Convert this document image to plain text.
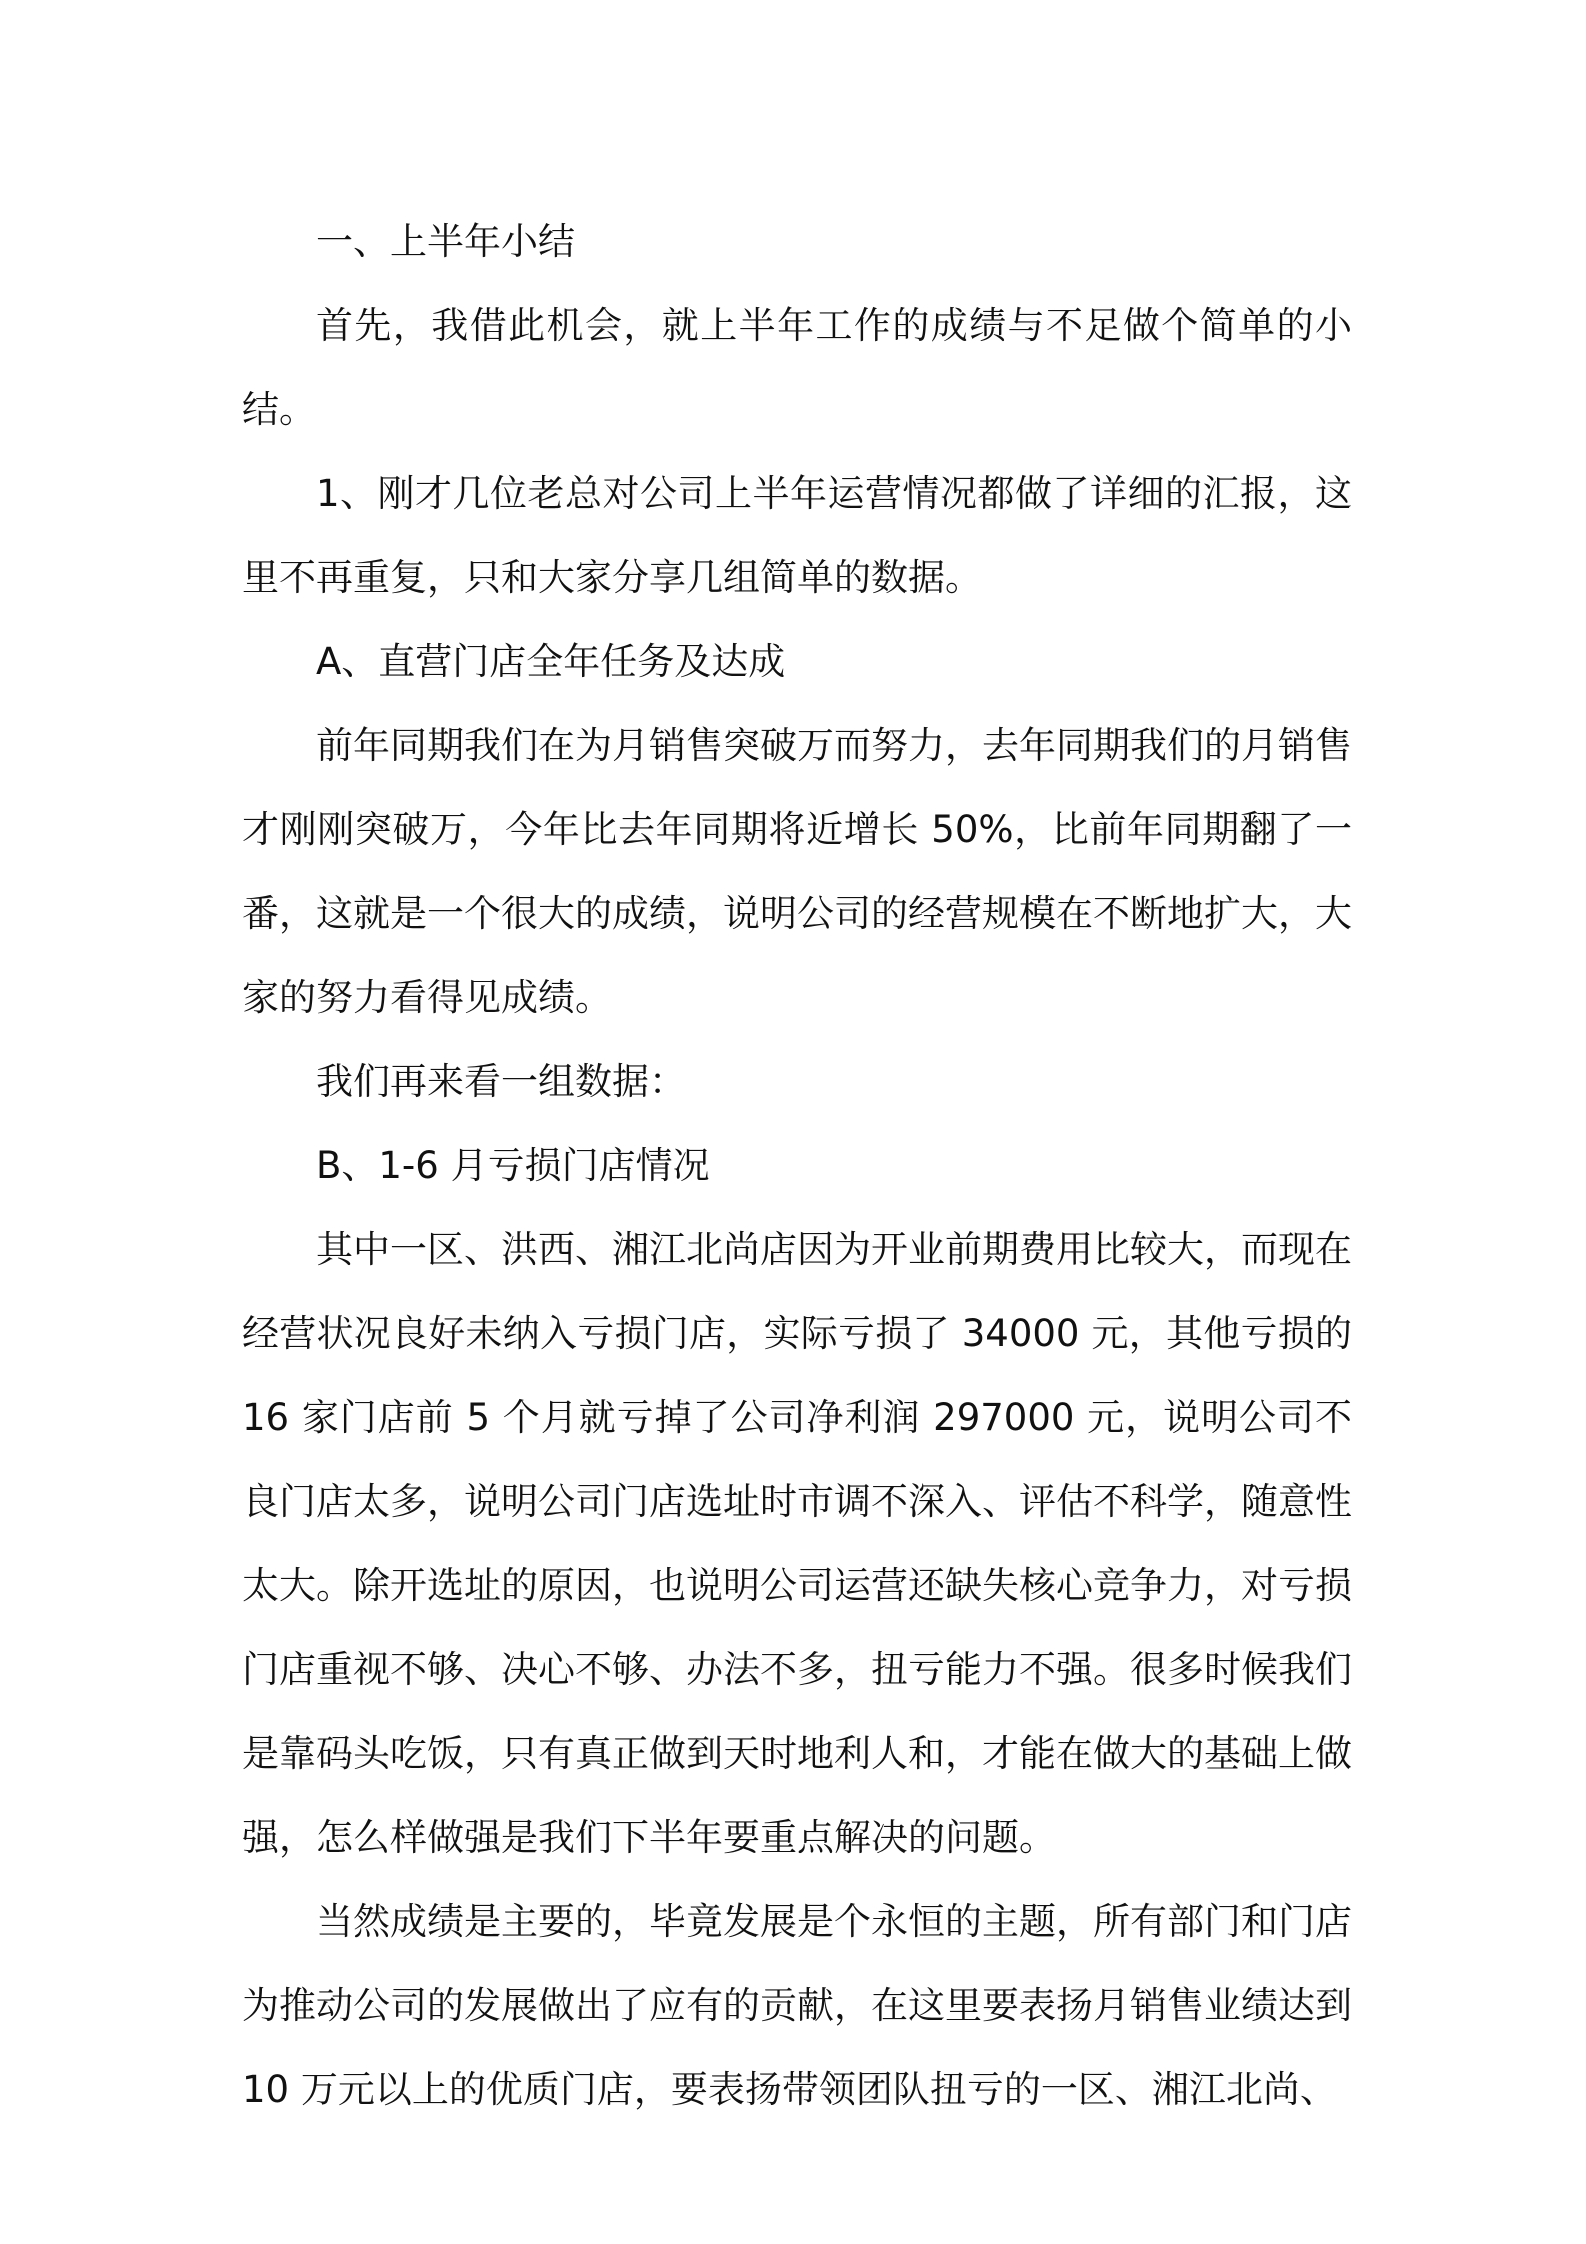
一、上半年小结

首先，我借此机会，就上半年工作的成绩与不足做个简单的小结。

1、刚才几位老总对公司上半年运营情况都做了详细的汇报，这里不再重复，只和大家分享几组简单的数据。

A、直营门店全年任务及达成

前年同期我们在为月销售突破万而努力，去年同期我们的月销售才刚刚突破万，今年比去年同期将近增长 50%，比前年同期翻了一番，这就是一个很大的成绩，说明公司的经营规模在不断地扩大，大家的努力看得见成绩。

我们再来看一组数据：

B、1-6 月亏损门店情况

其中一区、洪西、湘江北尚店因为开业前期费用比较大，而现在经营状况良好未纳入亏损门店，实际亏损了 34000 元，其他亏损的 16 家门店前 5 个月就亏掉了公司净利润 297000 元，说明公司不良门店太多，说明公司门店选址时市调不深入、评估不科学，随意性太大。除开选址的原因，也说明公司运营还缺失核心竞争力，对亏损门店重视不够、决心不够、办法不多，扭亏能力不强。很多时候我们是靠码头吃饭，只有真正做到天时地利人和，才能在做大的基础上做强，怎么样做强是我们下半年要重点解决的问题。

当然成绩是主要的，毕竟发展是个永恒的主题，所有部门和门店为推动公司的发展做出了应有的贡献，在这里要表扬月销售业绩达到 10 万元以上的优质门店，要表扬带领团队扭亏的一区、湘江北尚、
